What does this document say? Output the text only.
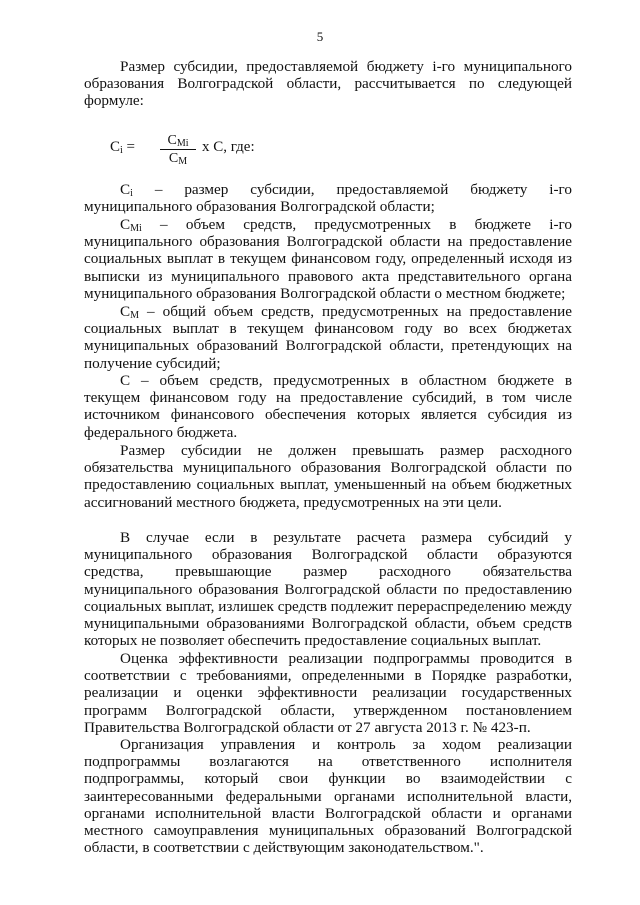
5
Размер субсидии, предоставляемой бюджету i-го муниципального образования Волгоградской области, рассчитывается по следующей формуле:
$C_i$ =	$C_{Mi}$
$C_M$
x C, где:
$C_i$ – размер субсидии, предоставляемой бюджету i-го муниципального образования Волгоградской области;
$C_{Mi}$ – объем средств, предусмотренных в бюджете i-го муниципального образования Волгоградской области на предоставление социальных выплат в текущем финансовом году, определенный исходя из выписки из муниципального правового акта представительного органа муниципального образования Волгоградской области о местном бюджете;
$C_M$ – общий объем средств, предусмотренных на предоставление социальных выплат в текущем финансовом году во всех бюджетах муниципальных образований Волгоградской области, претендующих на получение субсидий;
С – объем средств, предусмотренных в областном бюджете в текущем финансовом году на предоставление субсидий, в том числе источником финансового обеспечения которых является субсидия из федерального бюджета.
Размер субсидии не должен превышать размер расходного обязательства муниципального образования Волгоградской области по предоставлению социальных выплат, уменьшенный на объем бюджетных ассигнований местного бюджета, предусмотренных на эти цели.
В случае если в результате расчета размера субсидий у муниципального образования Волгоградской области образуются средства, превышающие размер расходного обязательства муниципального образования Волгоградской области по предоставлению социальных выплат, излишек средств подлежит перераспределению между муниципальными образованиями Волгоградской области, объем средств которых не позволяет обеспечить предоставление социальных выплат.
Оценка эффективности реализации подпрограммы проводится в соответствии с требованиями, определенными в Порядке разработки, реализации и оценки эффективности реализации государственных программ Волгоградской области, утвержденном постановлением Правительства Волгоградской области от 27 августа 2013 г. № 423-п.
Организация управления и контроль за ходом реализации подпрограммы возлагаются на ответственного исполнителя подпрограммы, который свои функции во взаимодействии с заинтересованными федеральными органами исполнительной власти, органами исполнительной власти Волгоградской области и органами местного самоуправления муниципальных образований Волгоградской области, в соответствии с действующим законодательством.".
